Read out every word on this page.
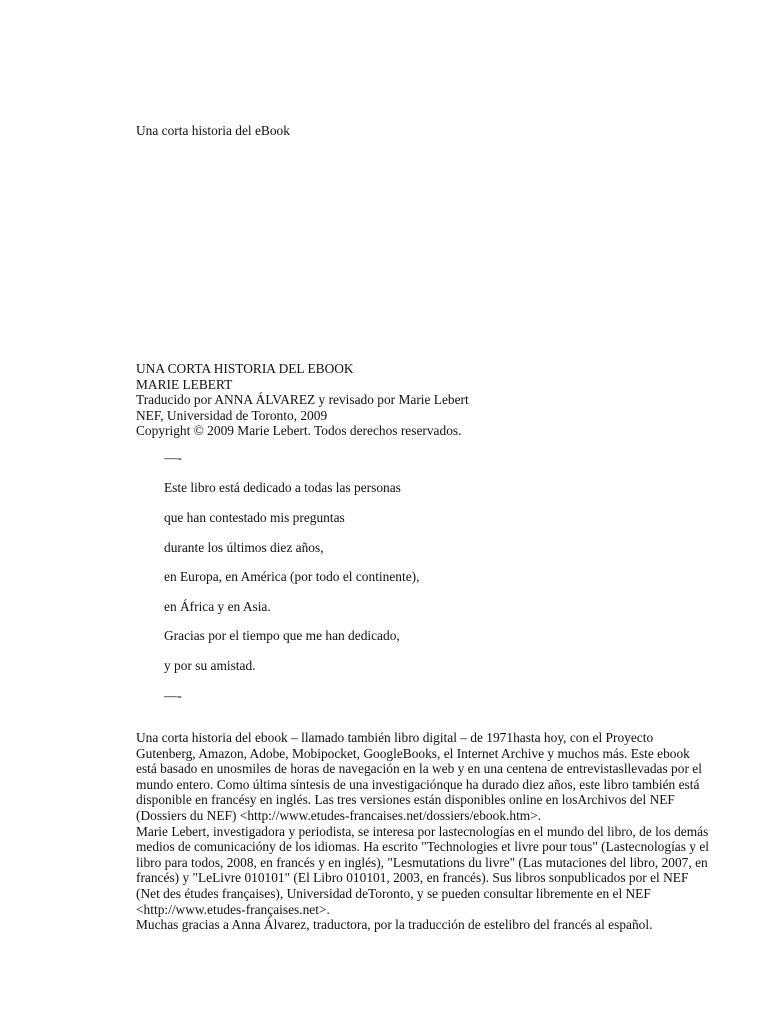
Una corta historia del eBook
UNA CORTA HISTORIA DEL EBOOK
MARIE LEBERT
Traducido por ANNA ÁLVAREZ y revisado por Marie Lebert
NEF, Universidad de Toronto, 2009
Copyright © 2009 Marie Lebert. Todos derechos reservados.
—-
Este libro está dedicado a todas las personas
que han contestado mis preguntas
durante los últimos diez años,
en Europa, en América (por todo el continente),
en África y en Asia.
Gracias por el tiempo que me han dedicado,
y por su amistad.
—-
Una corta historia del ebook – llamado también libro digital – de 1971hasta hoy, con el Proyecto
Gutenberg, Amazon, Adobe, Mobipocket, GoogleBooks, el Internet Archive y muchos más. Este ebook
está basado en unosmiles de horas de navegación en la web y en una centena de entrevistasllevadas por el
mundo entero. Como última síntesis de una investigaciónque ha durado diez años, este libro también está
disponible en francésy en inglés. Las tres versiones están disponibles online en losArchivos del NEF
(Dossiers du NEF) <http://www.etudes-francaises.net/dossiers/ebook.htm>.
Marie Lebert, investigadora y periodista, se interesa por lastecnologías en el mundo del libro, de los demás
medios de comunicacióny de los idiomas. Ha escrito "Technologies et livre pour tous" (Lastecnologías y el
libro para todos, 2008, en francés y en inglés), "Lesmutations du livre" (Las mutaciones del libro, 2007, en
francés) y "LeLivre 010101" (El Libro 010101, 2003, en francés). Sus libros sonpublicados por el NEF
(Net des études françaises), Universidad deToronto, y se pueden consultar libremente en el NEF
<http://www.etudes-françaises.net>.
Muchas gracias a Anna Álvarez, traductora, por la traducción de estelibro del francés al español.
